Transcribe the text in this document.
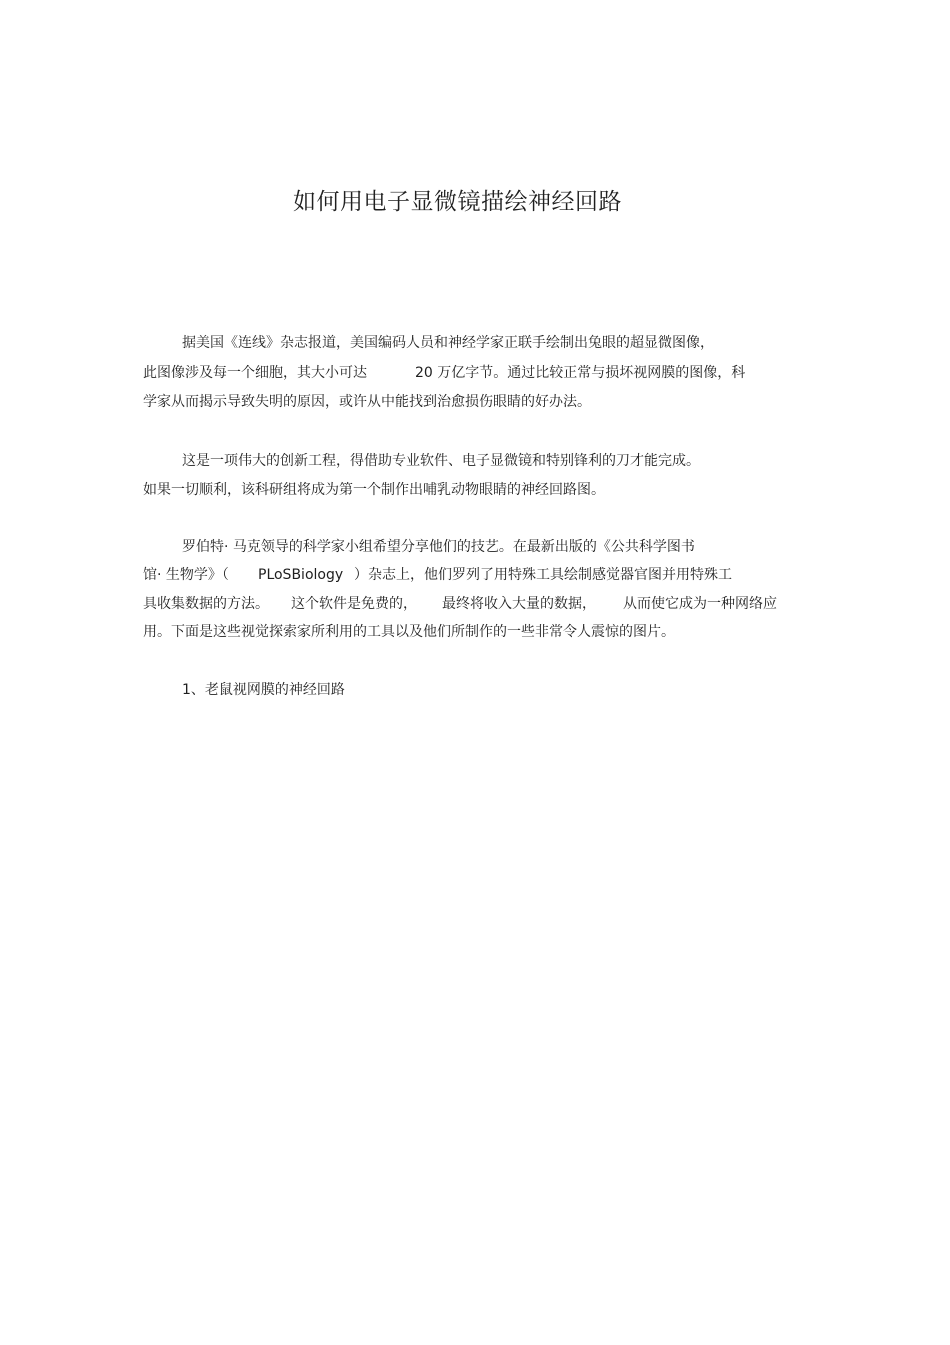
如何用电子显微镜描绘神经回路
据美国《连线》杂志报道，美国编码人员和神经学家正联手绘制出兔眼的超显微图像，
此图像涉及每一个细胞，其大小可达	20 万亿字节。通过比较正常与损坏视网膜的图像，科
学家从而揭示导致失明的原因，或许从中能找到治愈损伤眼睛的好办法。
这是一项伟大的创新工程，得借助专业软件、电子显微镜和特别锋利的刀才能完成。
如果一切顺利，该科研组将成为第一个制作出哺乳动物眼睛的神经回路图。
罗伯特· 马克领导的科学家小组希望分享他们的技艺。在最新出版的《公共科学图书
馆· 生物学》（ PLoSBiology ）杂志上，他们罗列了用特殊工具绘制感觉器官图并用特殊工
具收集数据的方法。 这个软件是免费的， 最终将收入大量的数据， 从而使它成为一种网络应
用。下面是这些视觉探索家所利用的工具以及他们所制作的一些非常令人震惊的图片。
1、老鼠视网膜的神经回路
